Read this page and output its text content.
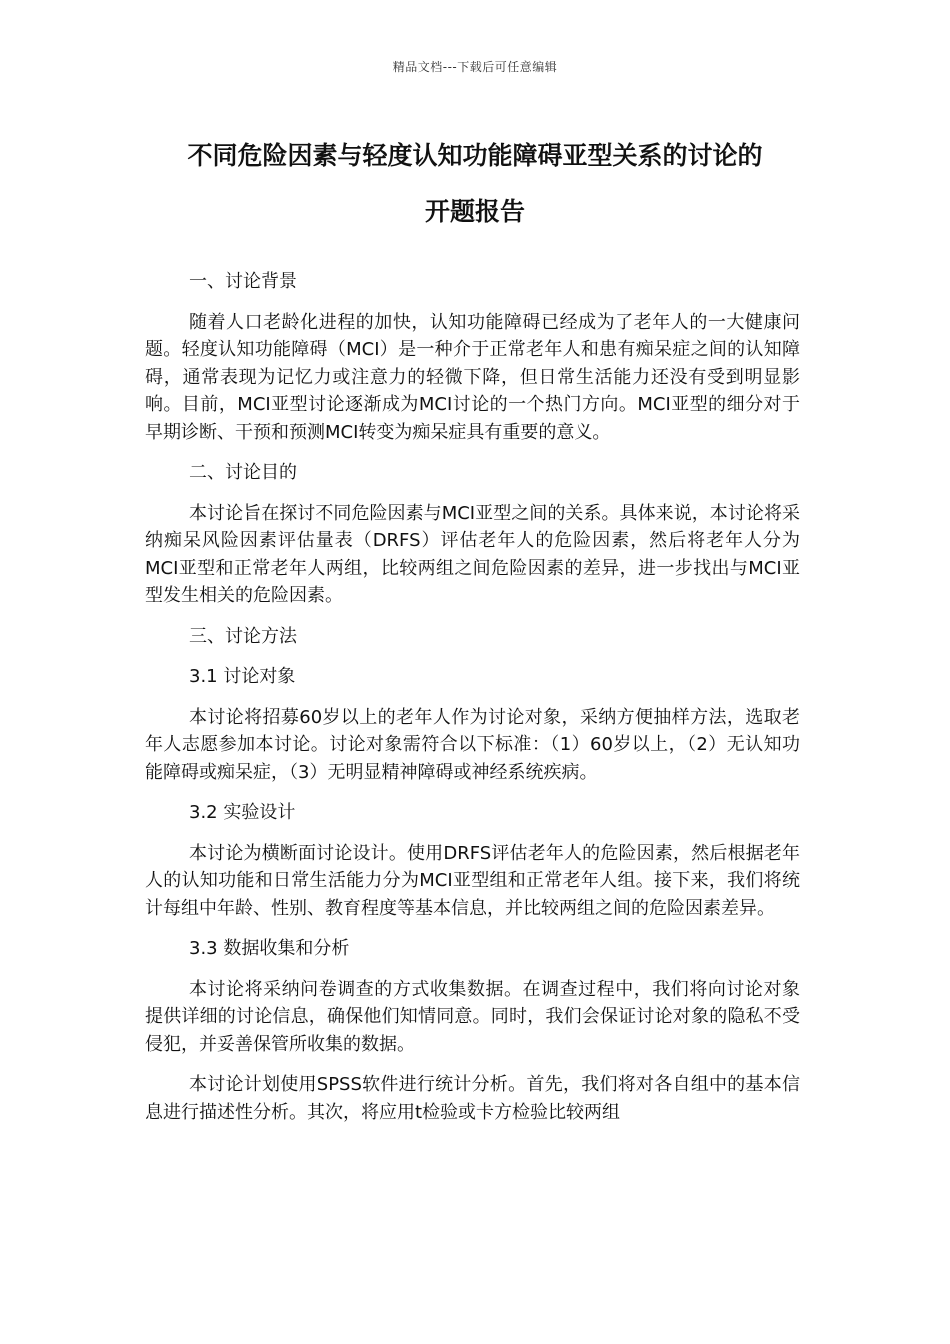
精品文档---下载后可任意编辑
不同危险因素与轻度认知功能障碍亚型关系的讨论的
开题报告
一、讨论背景
随着人口老龄化进程的加快，认知功能障碍已经成为了老年人的一大健康问题。轻度认知功能障碍（MCI）是一种介于正常老年人和患有痴呆症之间的认知障碍，通常表现为记忆力或注意力的轻微下降，但日常生活能力还没有受到明显影响。目前，MCI亚型讨论逐渐成为MCI讨论的一个热门方向。MCI亚型的细分对于早期诊断、干预和预测MCI转变为痴呆症具有重要的意义。
二、讨论目的
本讨论旨在探讨不同危险因素与MCI亚型之间的关系。具体来说，本讨论将采纳痴呆风险因素评估量表（DRFS）评估老年人的危险因素，然后将老年人分为MCI亚型和正常老年人两组，比较两组之间危险因素的差异，进一步找出与MCI亚型发生相关的危险因素。
三、讨论方法
3.1 讨论对象
本讨论将招募60岁以上的老年人作为讨论对象，采纳方便抽样方法，选取老年人志愿参加本讨论。讨论对象需符合以下标准：（1）60岁以上，（2）无认知功能障碍或痴呆症，（3）无明显精神障碍或神经系统疾病。
3.2 实验设计
本讨论为横断面讨论设计。使用DRFS评估老年人的危险因素，然后根据老年人的认知功能和日常生活能力分为MCI亚型组和正常老年人组。接下来，我们将统计每组中年龄、性别、教育程度等基本信息，并比较两组之间的危险因素差异。
3.3 数据收集和分析
本讨论将采纳问卷调查的方式收集数据。在调查过程中，我们将向讨论对象提供详细的讨论信息，确保他们知情同意。同时，我们会保证讨论对象的隐私不受侵犯，并妥善保管所收集的数据。
本讨论计划使用SPSS软件进行统计分析。首先，我们将对各自组中的基本信息进行描述性分析。其次，将应用t检验或卡方检验比较两组
